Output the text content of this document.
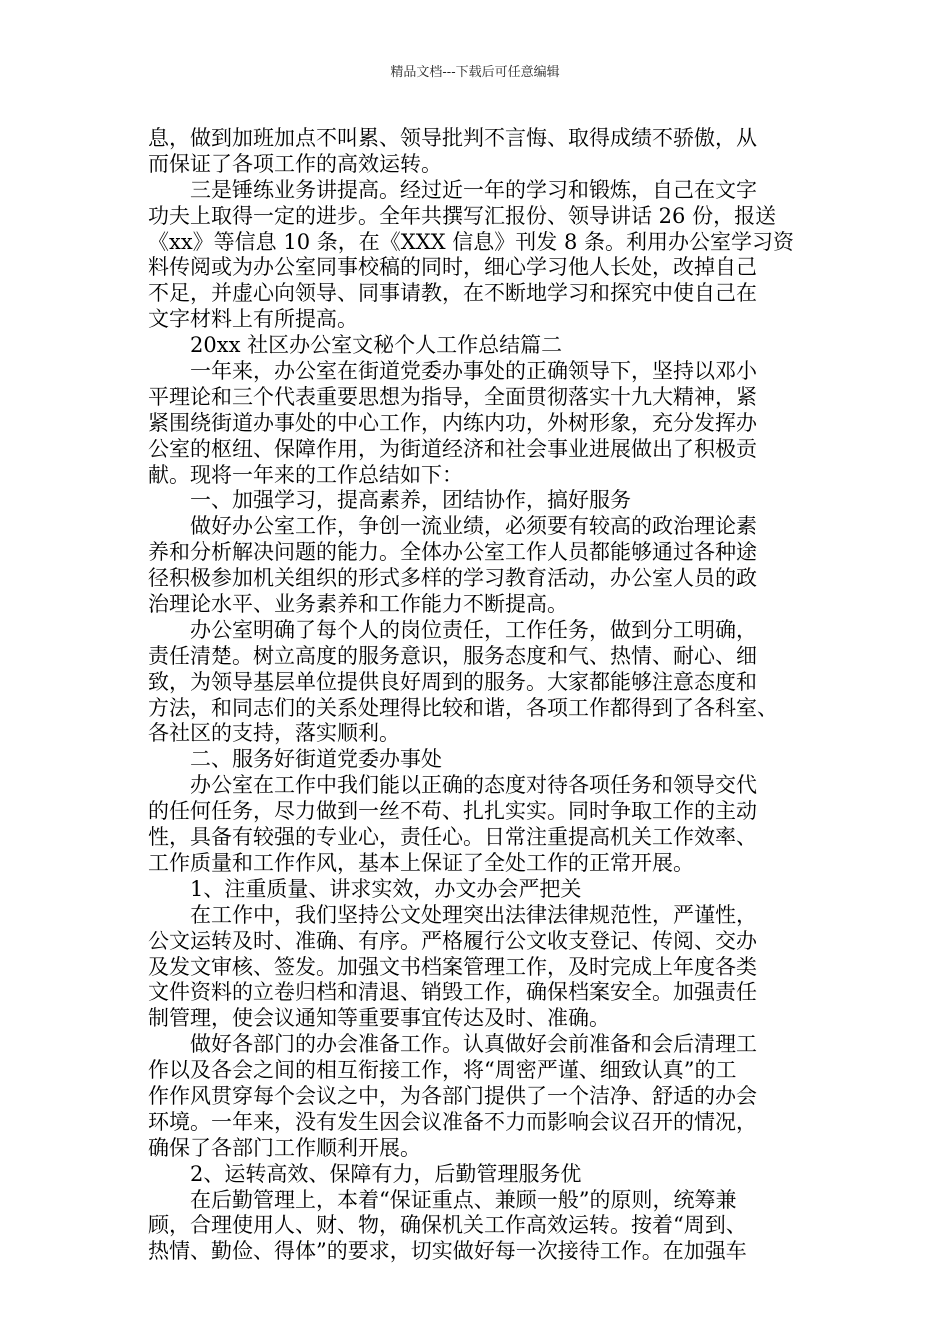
精品文档---下载后可任意编辑
息，做到加班加点不叫累、领导批判不言悔、取得成绩不骄傲，从
而保证了各项工作的高效运转。
　　三是锤练业务讲提高。经过近一年的学习和锻炼，自己在文字
功夫上取得一定的进步。全年共撰写汇报份、领导讲话 26 份，报送
《xx》等信息 10 条，在《XXX 信息》刊发 8 条。利用办公室学习资
料传阅或为办公室同事校稿的同时，细心学习他人长处，改掉自己
不足，并虚心向领导、同事请教，在不断地学习和探究中使自己在
文字材料上有所提高。
　　20xx 社区办公室文秘个人工作总结篇二
　　一年来，办公室在街道党委办事处的正确领导下，坚持以邓小
平理论和三个代表重要思想为指导，全面贯彻落实十九大精神，紧
紧围绕街道办事处的中心工作，内练内功，外树形象，充分发挥办
公室的枢纽、保障作用，为街道经济和社会事业进展做出了积极贡
献。现将一年来的工作总结如下：
　　一、加强学习，提高素养，团结协作，搞好服务
　　做好办公室工作，争创一流业绩，必须要有较高的政治理论素
养和分析解决问题的能力。全体办公室工作人员都能够通过各种途
径积极参加机关组织的形式多样的学习教育活动，办公室人员的政
治理论水平、业务素养和工作能力不断提高。
　　办公室明确了每个人的岗位责任，工作任务，做到分工明确，
责任清楚。树立高度的服务意识，服务态度和气、热情、耐心、细
致，为领导基层单位提供良好周到的服务。大家都能够注意态度和
方法，和同志们的关系处理得比较和谐，各项工作都得到了各科室、
各社区的支持，落实顺利。
　　二、服务好街道党委办事处
　　办公室在工作中我们能以正确的态度对待各项任务和领导交代
的任何任务，尽力做到一丝不苟、扎扎实实。同时争取工作的主动
性，具备有较强的专业心，责任心。日常注重提高机关工作效率、
工作质量和工作作风，基本上保证了全处工作的正常开展。
　　1、注重质量、讲求实效，办文办会严把关
　　在工作中，我们坚持公文处理突出法律法律规范性，严谨性，
公文运转及时、准确、有序。严格履行公文收支登记、传阅、交办
及发文审核、签发。加强文书档案管理工作，及时完成上年度各类
文件资料的立卷归档和清退、销毁工作，确保档案安全。加强责任
制管理，使会议通知等重要事宜传达及时、准确。
　　做好各部门的办会准备工作。认真做好会前准备和会后清理工
作以及各会之间的相互衔接工作，将“周密严谨、细致认真”的工
作作风贯穿每个会议之中，为各部门提供了一个洁净、舒适的办会
环境。一年来，没有发生因会议准备不力而影响会议召开的情况，
确保了各部门工作顺利开展。
　　2、运转高效、保障有力，后勤管理服务优
　　在后勤管理上，本着“保证重点、兼顾一般”的原则，统筹兼
顾，合理使用人、财、物，确保机关工作高效运转。按着“周到、
热情、勤俭、得体”的要求，切实做好每一次接待工作。在加强车
